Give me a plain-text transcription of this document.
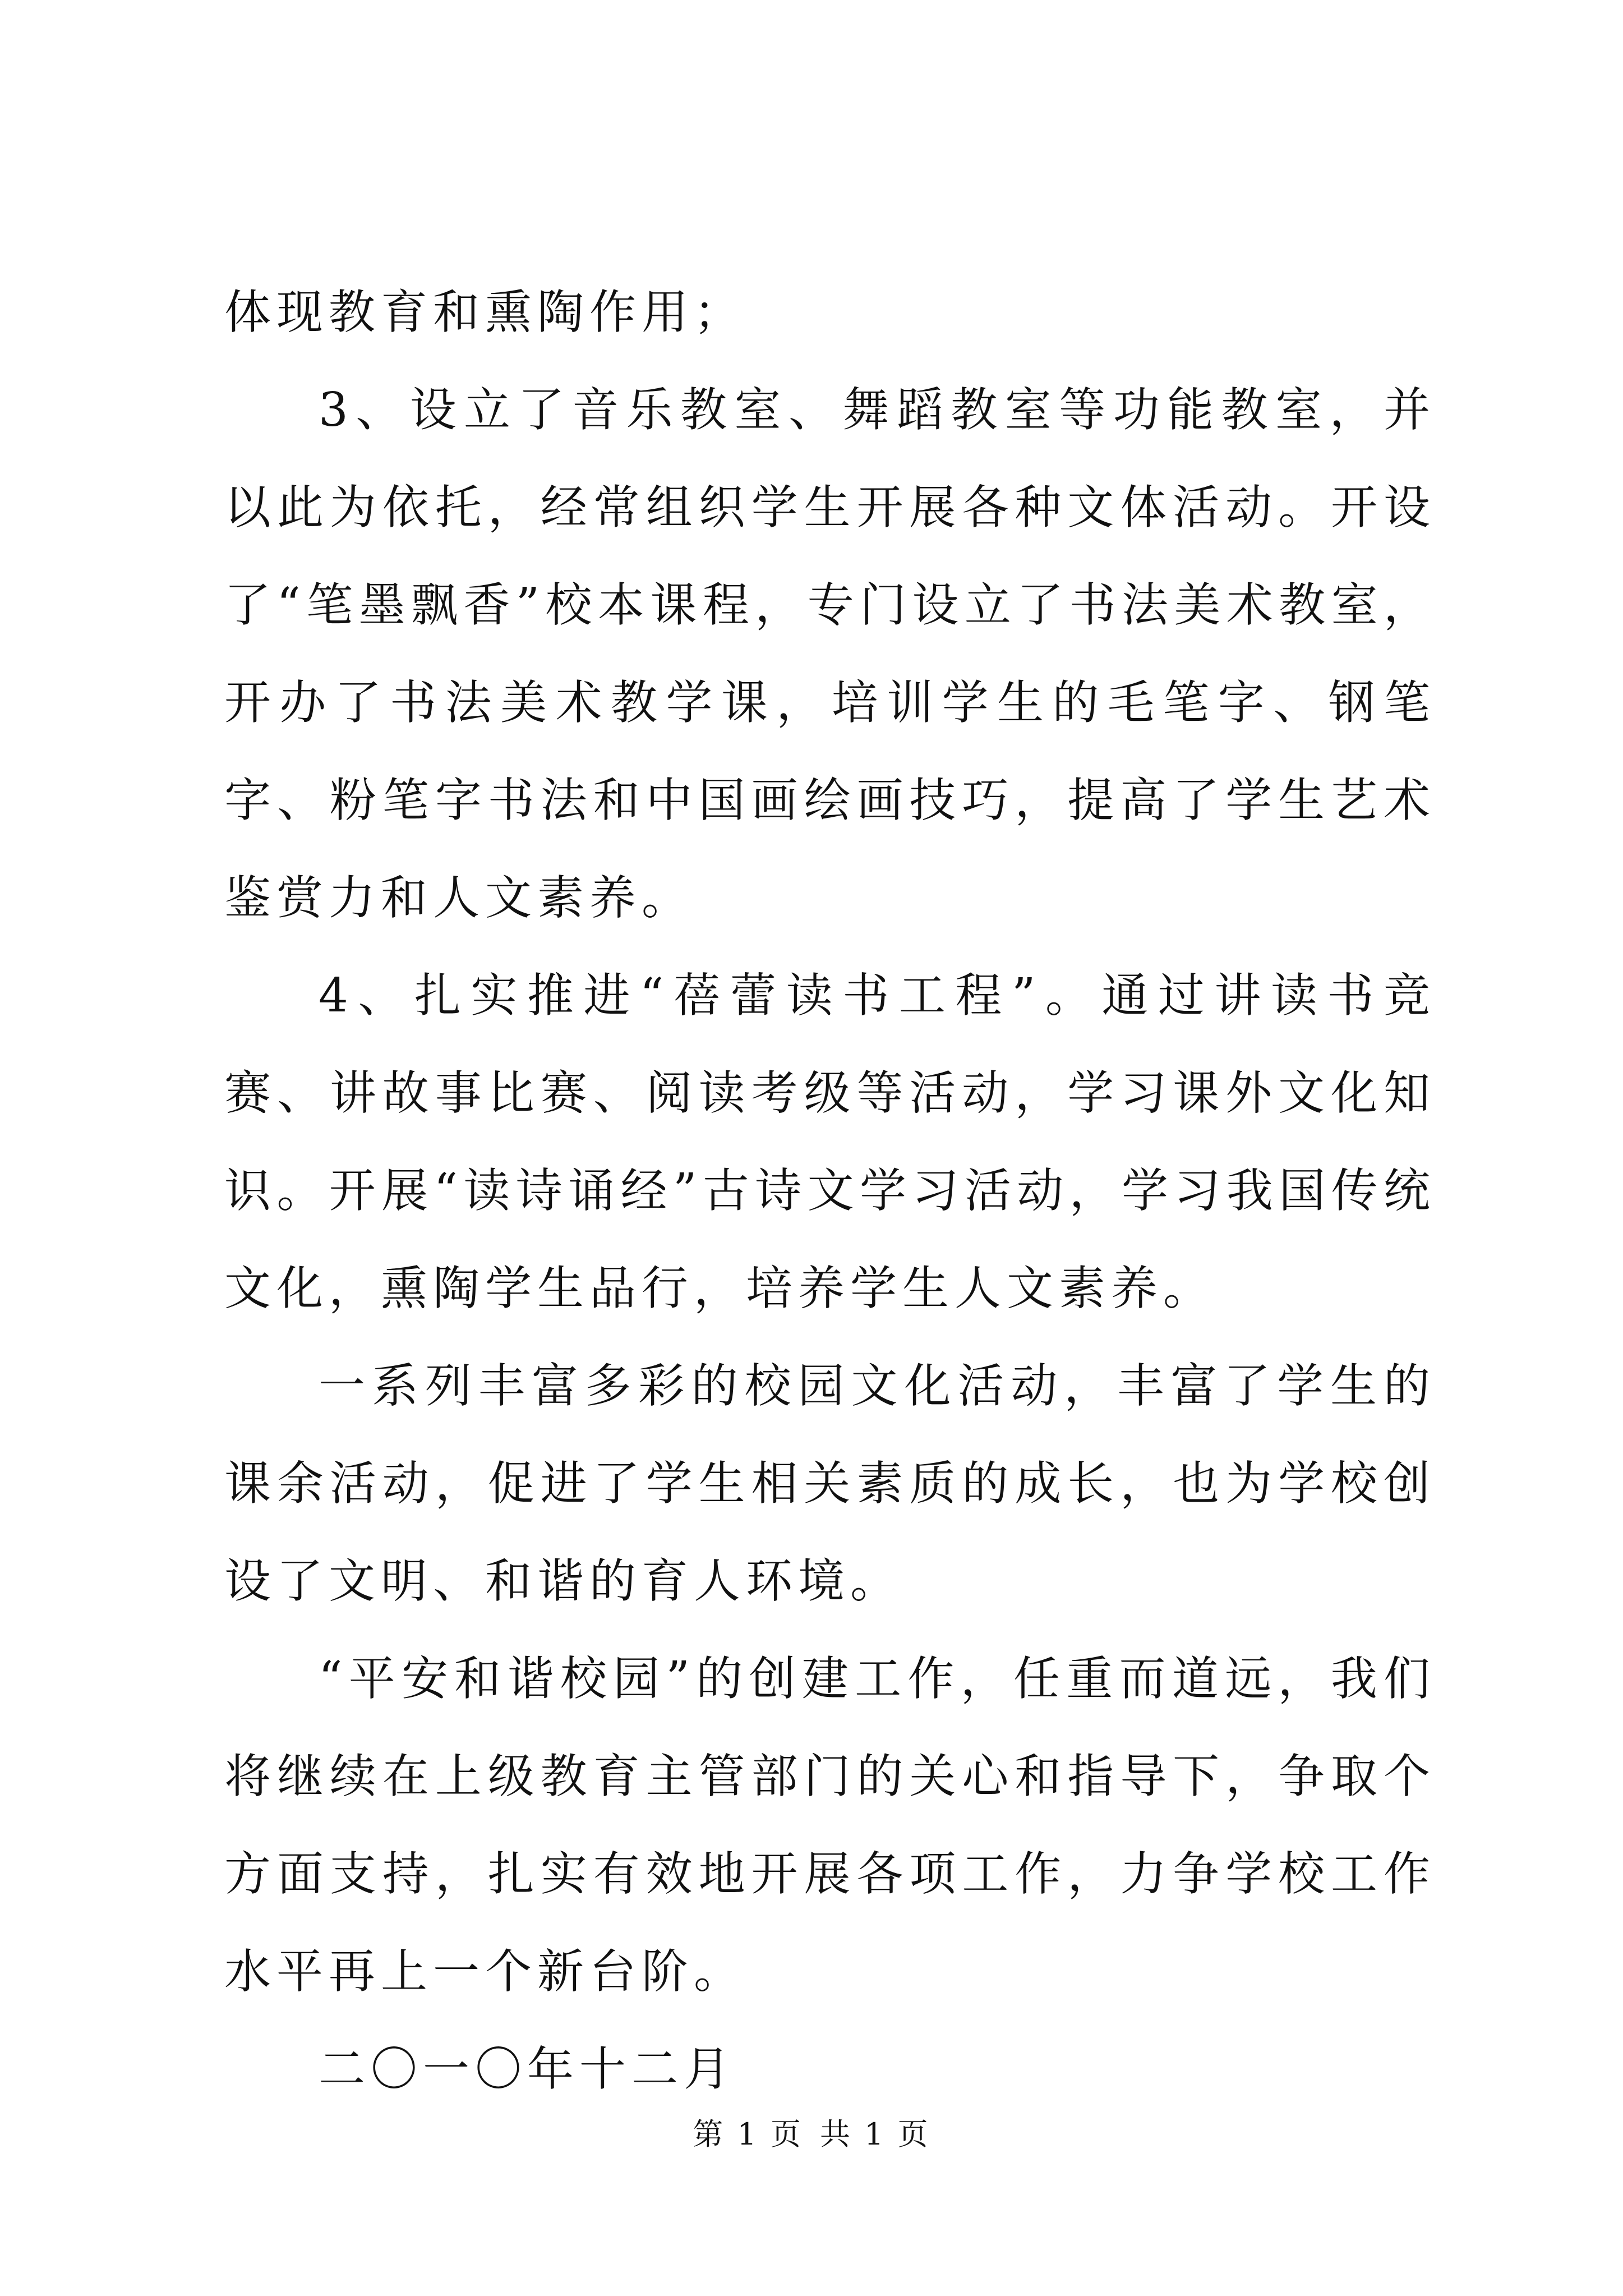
体现教育和熏陶作用；

3、设立了音乐教室、舞蹈教室等功能教室，并以此为依托，经常组织学生开展各种文体活动。开设了“笔墨飘香”校本课程，专门设立了书法美术教室，开办了书法美术教学课，培训学生的毛笔字、钢笔字、粉笔字书法和中国画绘画技巧，提高了学生艺术鉴赏力和人文素养。

4、扎实推进“蓓蕾读书工程”。通过讲读书竞赛、讲故事比赛、阅读考级等活动，学习课外文化知识。开展“读诗诵经”古诗文学习活动，学习我国传统文化，熏陶学生品行，培养学生人文素养。

一系列丰富多彩的校园文化活动，丰富了学生的课余活动，促进了学生相关素质的成长，也为学校创设了文明、和谐的育人环境。

“平安和谐校园”的创建工作，任重而道远，我们将继续在上级教育主管部门的关心和指导下，争取个方面支持，扎实有效地开展各项工作，力争学校工作水平再上一个新台阶。

二〇一〇年十二月

第 1 页 共 1 页
